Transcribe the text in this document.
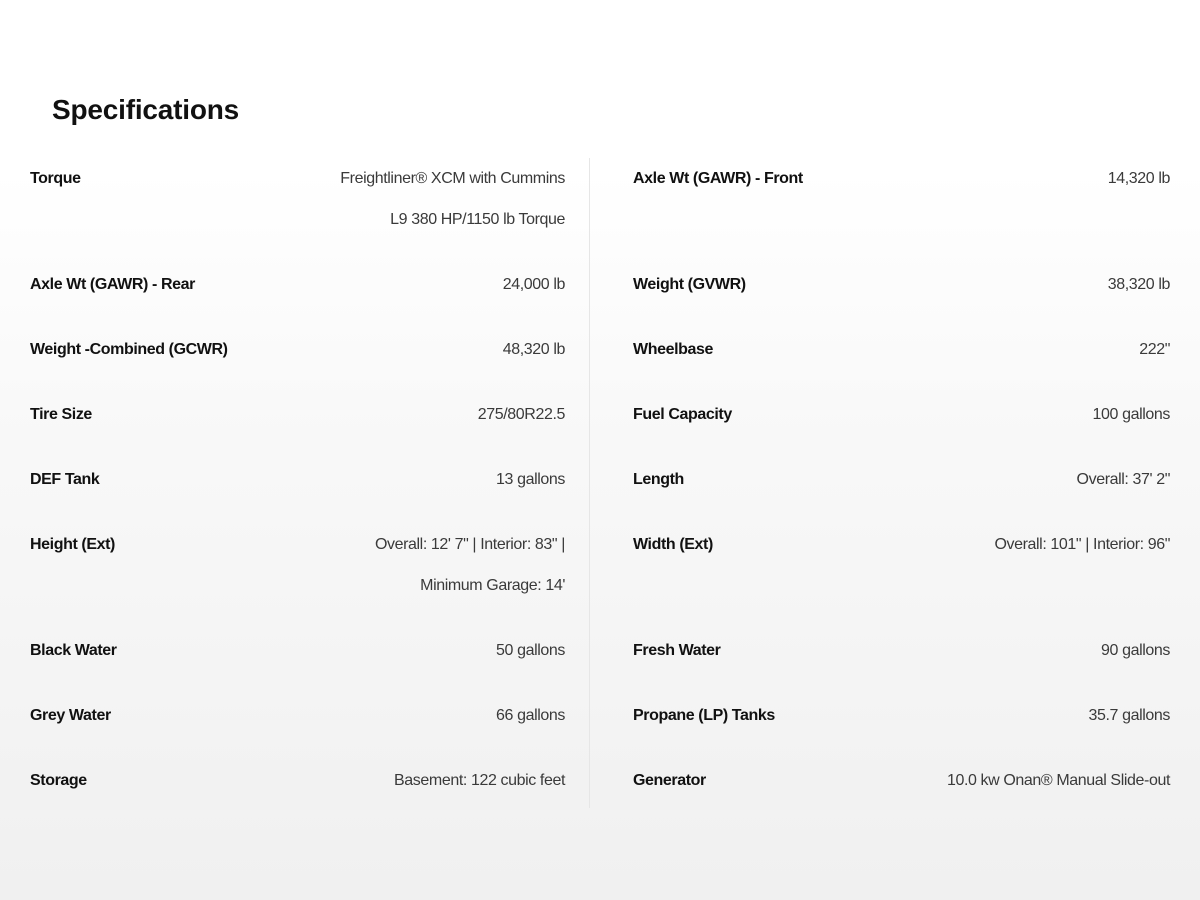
Specifications
Torque	Freightliner® XCM with Cummins
L9 380 HP/1150 lb Torque
Axle Wt (GAWR) - Rear	24,000 lb
Weight -Combined (GCWR)	48,320 lb
Tire Size	275/80R22.5
DEF Tank	13 gallons
Height (Ext)	Overall: 12' 7" | Interior: 83" |
Minimum Garage: 14'
Black Water	50 gallons
Grey Water	66 gallons
Storage	Basement: 122 cubic feet
Axle Wt (GAWR) - Front	14,320 lb
Weight (GVWR)	38,320 lb
Wheelbase	222"
Fuel Capacity	100 gallons
Length	Overall: 37' 2"
Width (Ext)	Overall: 101" | Interior: 96"
Fresh Water	90 gallons
Propane (LP) Tanks	35.7 gallons
Generator	10.0 kw Onan® Manual Slide-out
